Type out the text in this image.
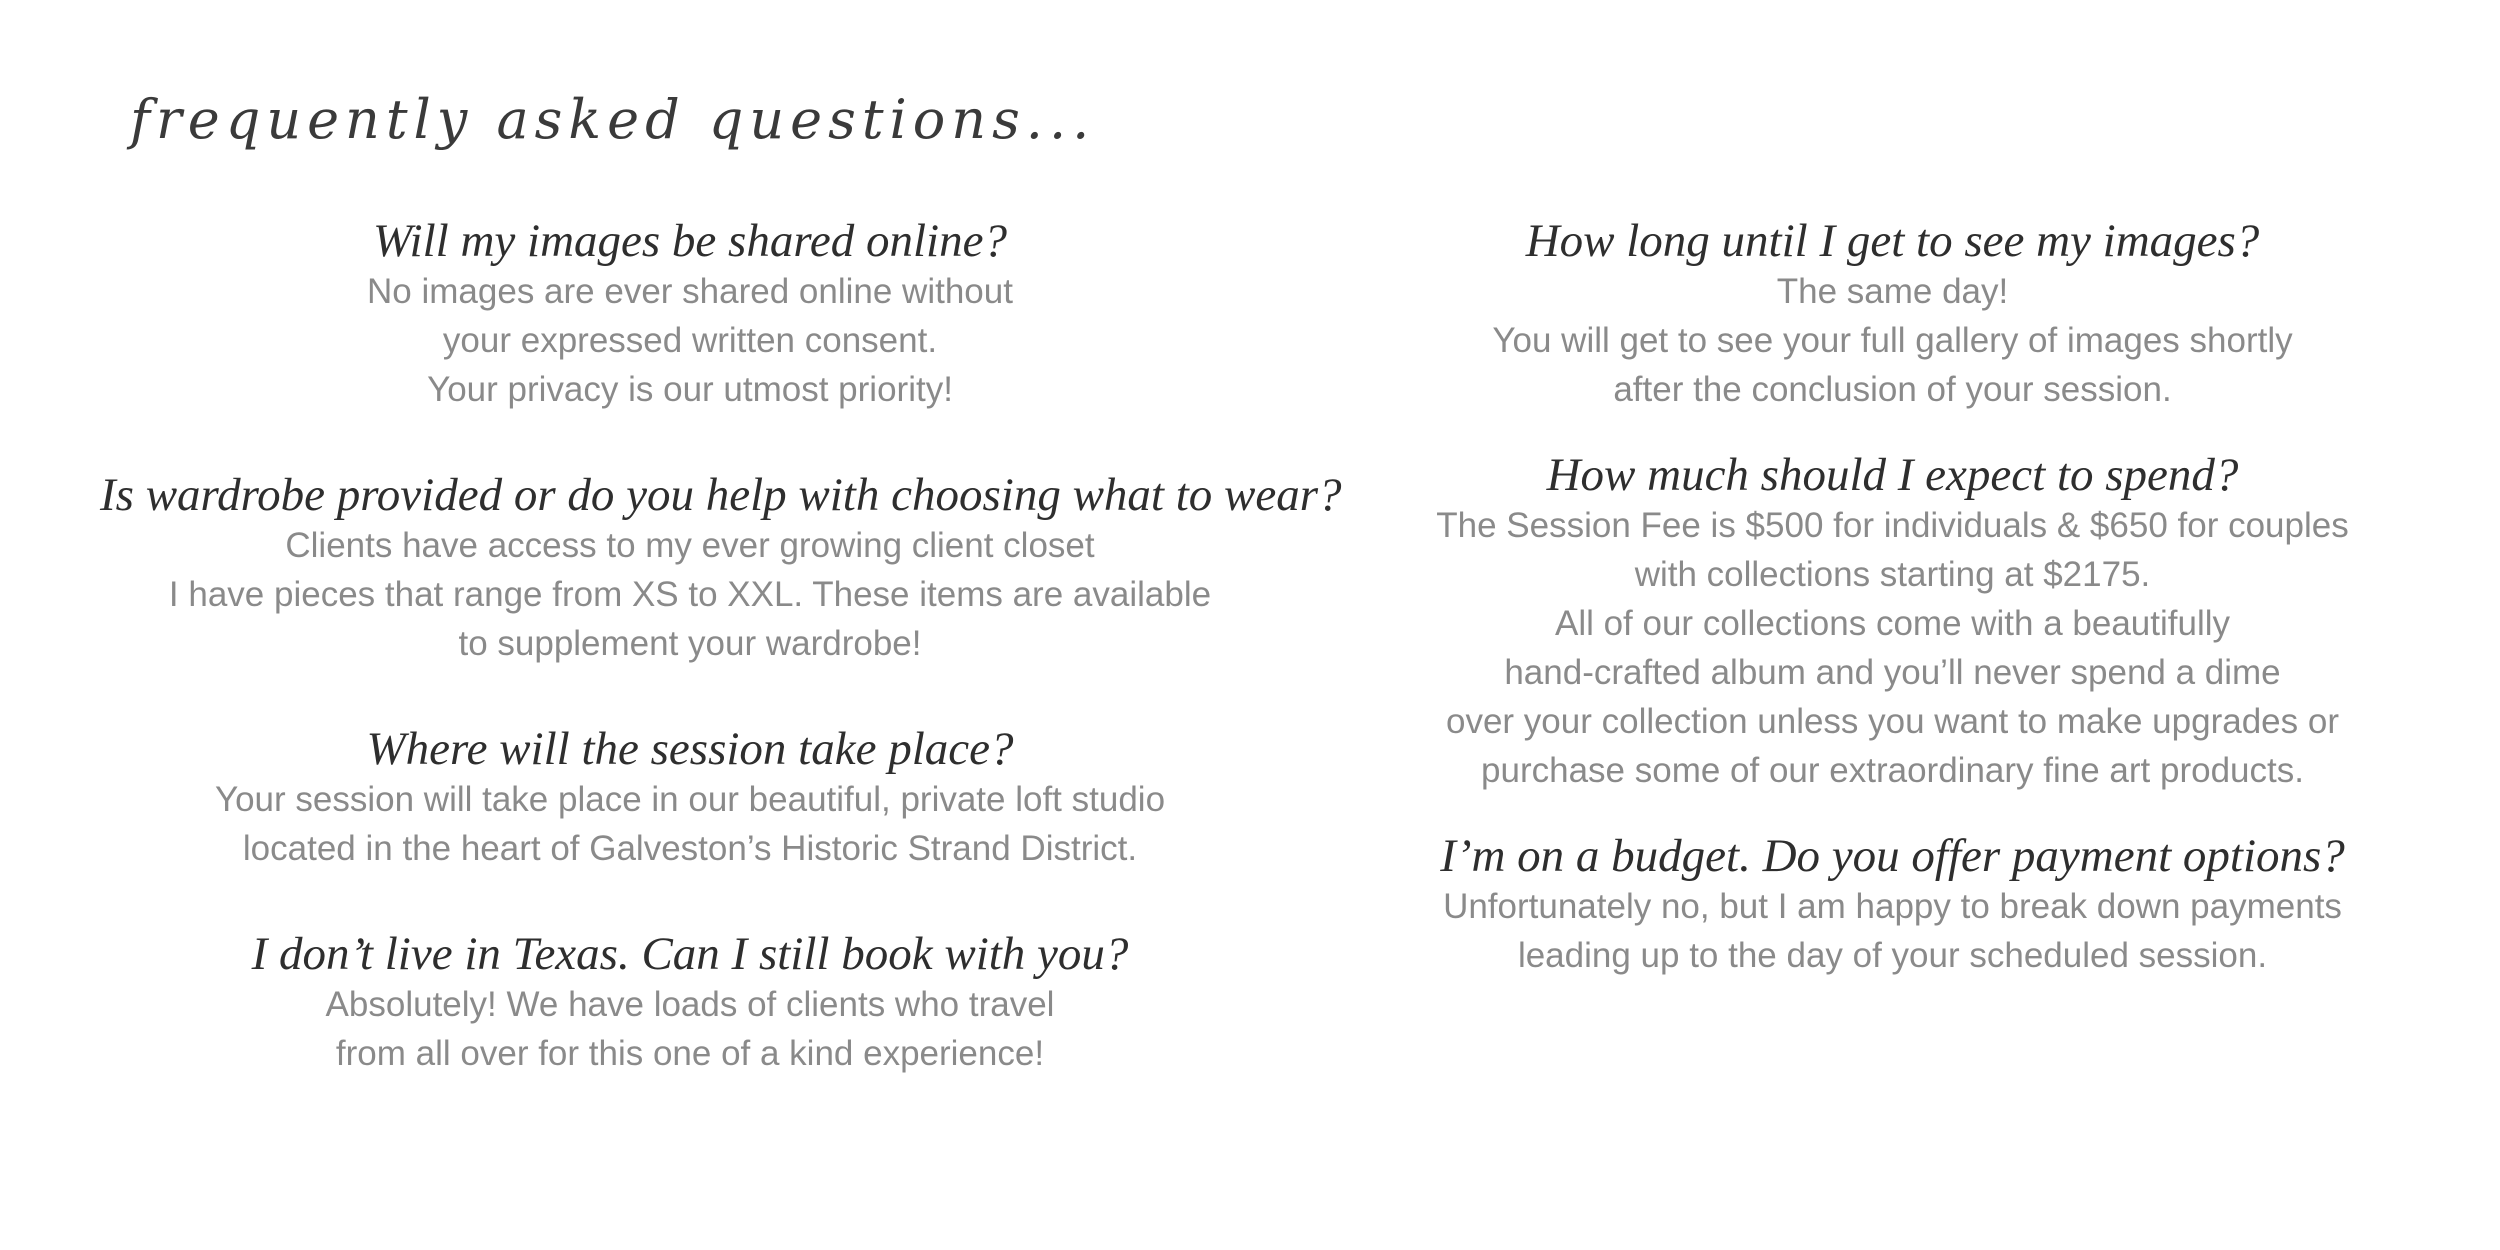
frequently asked questions...
Will my images be shared online?

No images are ever shared online without

your expressed written consent.

Your privacy is our utmost priority!

Is wardrobe provided or do you help with choosing what to wear?

Clients have access to my ever growing client closet

I have pieces that range from XS to XXL. These items are available

to supplement your wardrobe!

Where will the session take place?

Your session will take place in our beautiful, private loft studio

located in the heart of Galveston’s Historic Strand District.

I don’t live in Texas. Can I still book with you?

Absolutely! We have loads of clients who travel

from all over for this one of a kind experience!

How long until I get to see my images?

The same day!

You will get to see your full gallery of images shortly

after the conclusion of your session.

How much should I expect to spend?

The Session Fee is $500 for individuals & $650 for couples

with collections starting at $2175.

All of our collections come with a beautifully

hand-crafted album and you’ll never spend a dime

over your collection unless you want to make upgrades or

purchase some of our extraordinary fine art products.

I’m on a budget. Do you offer payment options?

Unfortunately no, but I am happy to break down payments

leading up to the day of your scheduled session.
